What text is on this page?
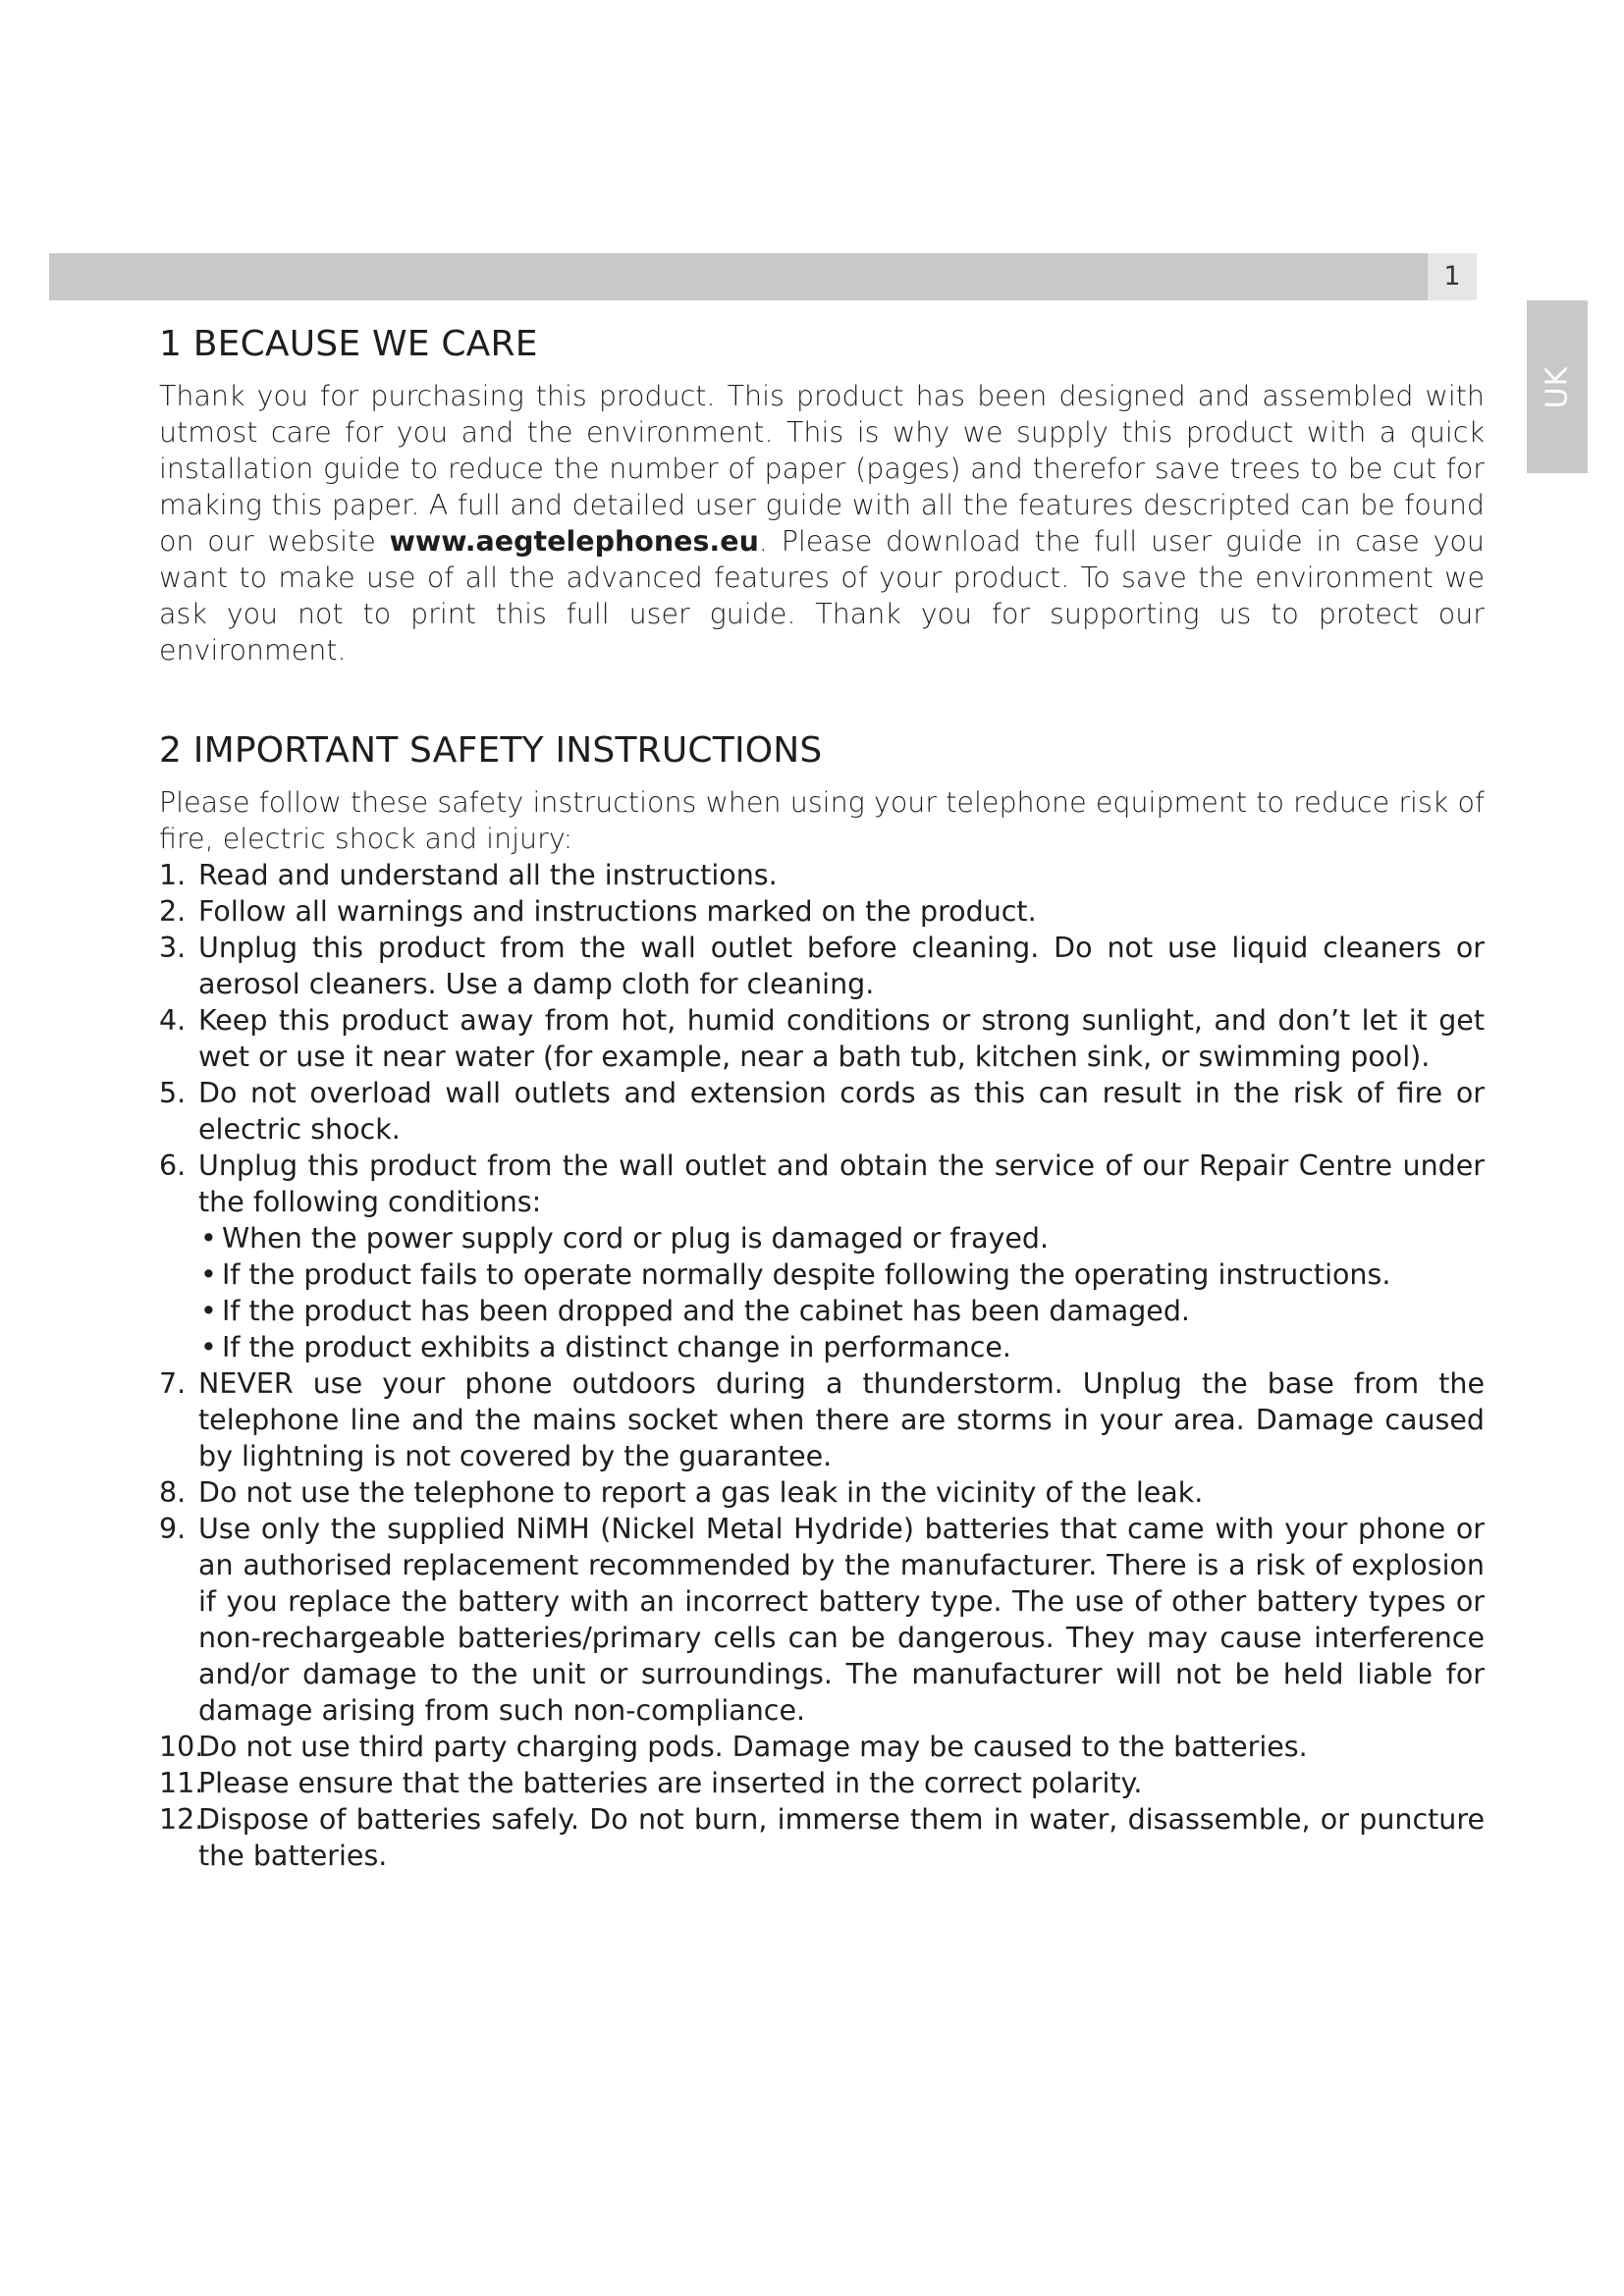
1
UK
1 BECAUSE WE CARE

Thank you for purchasing this product. This product has been designed and assembled with utmost care for you and the environment. This is why we supply this product with a quick installation guide to reduce the number of paper (pages) and therefor save trees to be cut for making this paper. A full and detailed user guide with all the features descripted can be found on our website www.aegtelephones.eu. Please download the full user guide in case you want to make use of all the advanced features of your product. To save the environment we ask you not to print this full user guide. Thank you for supporting us to protect our environment.

2 IMPORTANT SAFETY INSTRUCTIONS

Please follow these safety instructions when using your telephone equipment to reduce risk of fire, electric shock and injury:

1. Read and understand all the instructions.
2. Follow all warnings and instructions marked on the product.
3. Unplug this product from the wall outlet before cleaning. Do not use liquid cleaners or aerosol cleaners. Use a damp cloth for cleaning.
4. Keep this product away from hot, humid conditions or strong sunlight, and don’t let it get wet or use it near water (for example, near a bath tub, kitchen sink, or swimming pool).
5. Do not overload wall outlets and extension cords as this can result in the risk of fire or electric shock.
6. Unplug this product from the wall outlet and obtain the service of our Repair Centre under the following conditions:
• When the power supply cord or plug is damaged or frayed.
• If the product fails to operate normally despite following the operating instructions.
• If the product has been dropped and the cabinet has been damaged.
• If the product exhibits a distinct change in performance.
7. NEVER use your phone outdoors during a thunderstorm. Unplug the base from the telephone line and the mains socket when there are storms in your area. Damage caused by lightning is not covered by the guarantee.
8. Do not use the telephone to report a gas leak in the vicinity of the leak.
9. Use only the supplied NiMH (Nickel Metal Hydride) batteries that came with your phone or an authorised replacement recommended by the manufacturer. There is a risk of explosion if you replace the battery with an incorrect battery type. The use of other battery types or non-rechargeable batteries/primary cells can be dangerous. They may cause interference and/or damage to the unit or surroundings. The manufacturer will not be held liable for damage arising from such non-compliance.
10.
Do not use third party charging pods. Damage may be caused to the batteries.
11.
Please ensure that the batteries are inserted in the correct polarity.
12.
Dispose of batteries safely. Do not burn, immerse them in water, disassemble, or puncture the batteries.
